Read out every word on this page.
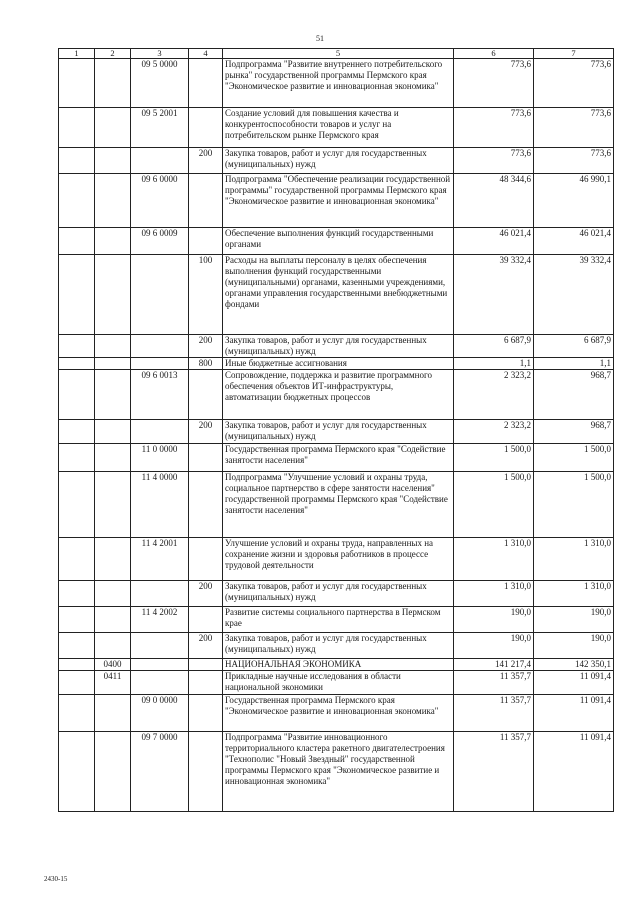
51
1	2	3	4	5	6	7
		09 5 0000		Подпрограмма "Развитие внутреннего потребительского рынка" государственной программы Пермского края "Экономическое развитие и инновационная экономика"	773,6	773,6
		09 5 2001		Создание условий для повышения качества и конкурентоспособности товаров и услуг на потребительском рынке Пермского края	773,6	773,6
			200	Закупка товаров, работ и услуг для государственных (муниципальных) нужд	773,6	773,6
		09 6 0000		Подпрограмма "Обеспечение реализации государственной программы" государственной программы Пермского края "Экономическое развитие и инновационная экономика"	48 344,6	46 990,1
		09 6 0009		Обеспечение выполнения функций государственными органами	46 021,4	46 021,4
			100	Расходы на выплаты персоналу в целях обеспечения выполнения функций государственными (муниципальными) органами, казенными учреждениями, органами управления государственными внебюджетными фондами	39 332,4	39 332,4
			200	Закупка товаров, работ и услуг для государственных (муниципальных) нужд	6 687,9	6 687,9
			800	Иные бюджетные ассигнования	1,1	1,1
		09 6 0013		Сопровождение, поддержка и развитие программного обеспечения объектов ИТ-инфраструктуры, автоматизации бюджетных процессов	2 323,2	968,7
			200	Закупка товаров, работ и услуг для государственных (муниципальных) нужд	2 323,2	968,7
		11 0 0000		Государственная программа Пермского края "Содействие занятости населения"	1 500,0	1 500,0
		11 4 0000		Подпрограмма "Улучшение условий и охраны труда, социальное партнерство в сфере занятости населения" государственной программы Пермского края "Содействие занятости населения"	1 500,0	1 500,0
		11 4 2001		Улучшение условий и охраны труда, направленных на сохранение жизни и здоровья работников в процессе трудовой деятельности	1 310,0	1 310,0
			200	Закупка товаров, работ и услуг для государственных (муниципальных) нужд	1 310,0	1 310,0
		11 4 2002		Развитие системы социального партнерства в Пермском крае	190,0	190,0
			200	Закупка товаров, работ и услуг для государственных (муниципальных) нужд	190,0	190,0
	0400			НАЦИОНАЛЬНАЯ ЭКОНОМИКА	141 217,4	142 350,1
	0411			Прикладные научные исследования в области национальной экономики	11 357,7	11 091,4
		09 0 0000		Государственная программа Пермского края "Экономическое развитие и инновационная экономика"	11 357,7	11 091,4
		09 7 0000		Подпрограмма "Развитие инновационного территориального кластера ракетного двигателестроения "Технополис "Новый Звездный" государственной программы Пермского края "Экономическое развитие и инновационная экономика"	11 357,7	11 091,4
2430-15
